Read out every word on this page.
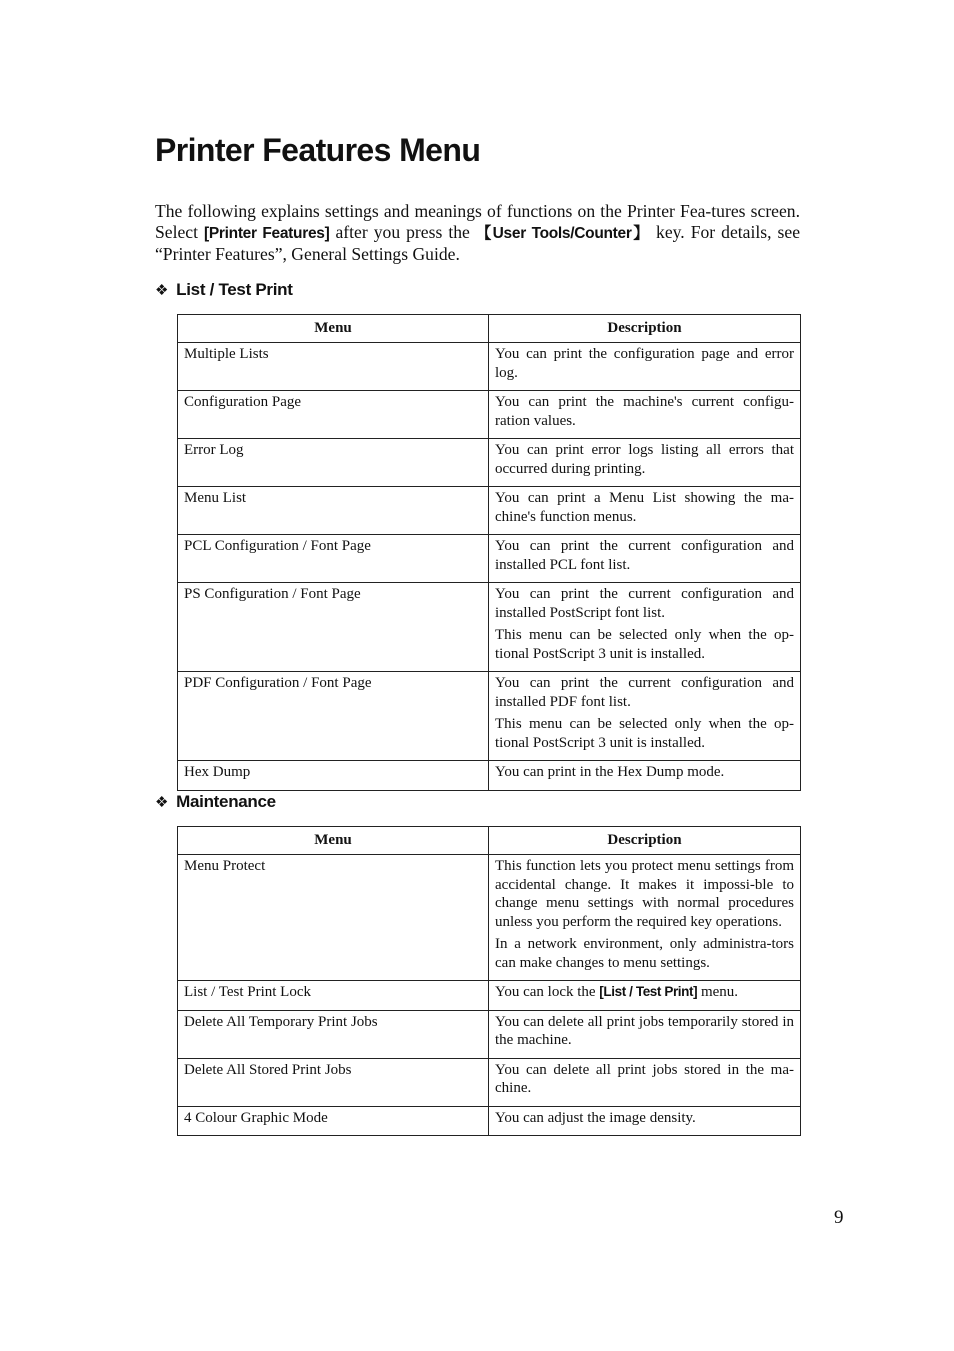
Printer Features Menu

The following explains settings and meanings of functions on the Printer Fea-tures screen. Select [Printer Features] after you press the 【User Tools/Counter】 key. For details, see “Printer Features”, General Settings Guide.

❖ List / Test Print
Menu	Description
Multiple Lists	You can print the configuration page and error log.

Configuration Page	You can print the machine's current configu-ration values.

Error Log	You can print error logs listing all errors that occurred during printing.

Menu List	You can print a Menu List showing the ma-chine's function menus.

PCL Configuration / Font Page	You can print the current configuration and installed PCL font list.

PS Configuration / Font Page	You can print the current configuration and installed PostScript font list.

This menu can be selected only when the op-tional PostScript 3 unit is installed.

PDF Configuration / Font Page	You can print the current configuration and installed PDF font list.

This menu can be selected only when the op-tional PostScript 3 unit is installed.

Hex Dump	You can print in the Hex Dump mode.

❖ Maintenance
Menu	Description
Menu Protect	This function lets you protect menu settings from accidental change. It makes it impossi-ble to change menu settings with normal procedures unless you perform the required key operations.

In a network environment, only administra-tors can make changes to menu settings.

List / Test Print Lock	You can lock the [List / Test Print] menu.

Delete All Temporary Print Jobs	You can delete all print jobs temporarily stored in the machine.

Delete All Stored Print Jobs	You can delete all print jobs stored in the ma-chine.

4 Colour Graphic Mode	You can adjust the image density.

9
